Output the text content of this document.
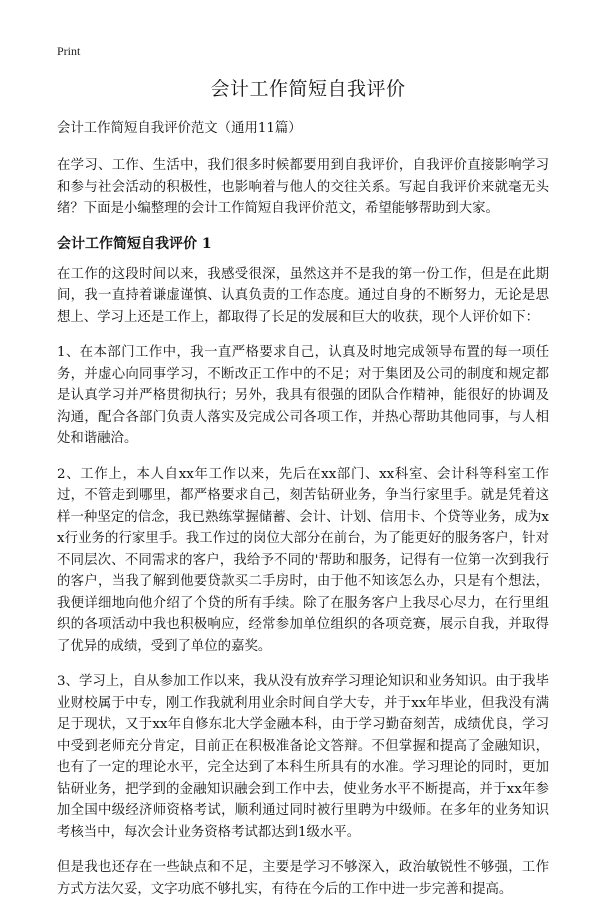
Print
会计工作简短自我评价
会计工作简短自我评价范文（通用11篇）

在学习、工作、生活中，我们很多时候都要用到自我评价，自我评价直接影响学习和参与社会活动的积极性，也影响着与他人的交往关系。写起自我评价来就毫无头绪？下面是小编整理的会计工作简短自我评价范文，希望能够帮助到大家。

会计工作简短自我评价 1

在工作的这段时间以来，我感受很深，虽然这并不是我的第一份工作，但是在此期间，我一直持着谦虚谨慎、认真负责的工作态度。通过自身的不断努力，无论是思想上、学习上还是工作上，都取得了长足的发展和巨大的收获，现个人评价如下：

1、在本部门工作中，我一直严格要求自己，认真及时地完成领导布置的每一项任务，并虚心向同事学习，不断改正工作中的不足；对于集团及公司的制度和规定都是认真学习并严格贯彻执行；另外，我具有很强的团队合作精神，能很好的协调及沟通，配合各部门负责人落实及完成公司各项工作，并热心帮助其他同事，与人相处和谐融洽。

2、工作上，本人自xx年工作以来，先后在xx部门、xx科室、会计科等科室工作过，不管走到哪里，都严格要求自己，刻苦钻研业务，争当行家里手。就是凭着这样一种坚定的信念，我已熟练掌握储蓄、会计、计划、信用卡、个贷等业务，成为xx行业务的行家里手。我工作过的岗位大部分在前台，为了能更好的服务客户，针对不同层次、不同需求的客户，我给予不同的'帮助和服务，记得有一位第一次到我行的客户，当我了解到他要贷款买二手房时，由于他不知该怎么办，只是有个想法，我便详细地向他介绍了个贷的所有手续。除了在服务客户上我尽心尽力，在行里组织的各项活动中我也积极响应，经常参加单位组织的各项竞赛，展示自我，并取得了优异的成绩，受到了单位的嘉奖。

3、学习上，自从参加工作以来，我从没有放弃学习理论知识和业务知识。由于我毕业财校属于中专，刚工作我就利用业余时间自学大专，并于xx年毕业，但我没有满足于现状，又于xx年自修东北大学金融本科，由于学习勤奋刻苦，成绩优良，学习中受到老师充分肯定，目前正在积极准备论文答辩。不但掌握和提高了金融知识，也有了一定的理论水平，完全达到了本科生所具有的水准。学习理论的同时，更加钻研业务，把学到的金融知识融会到工作中去，使业务水平不断提高，并于xx年参加全国中级经济师资格考试，顺利通过同时被行里聘为中级师。在多年的业务知识考核当中，每次会计业务资格考试都达到1级水平。

但是我也还存在一些缺点和不足，主要是学习不够深入，政治敏锐性不够强，工作方式方法欠妥，文字功底不够扎实，有待在今后的工作中进一步完善和提高。
